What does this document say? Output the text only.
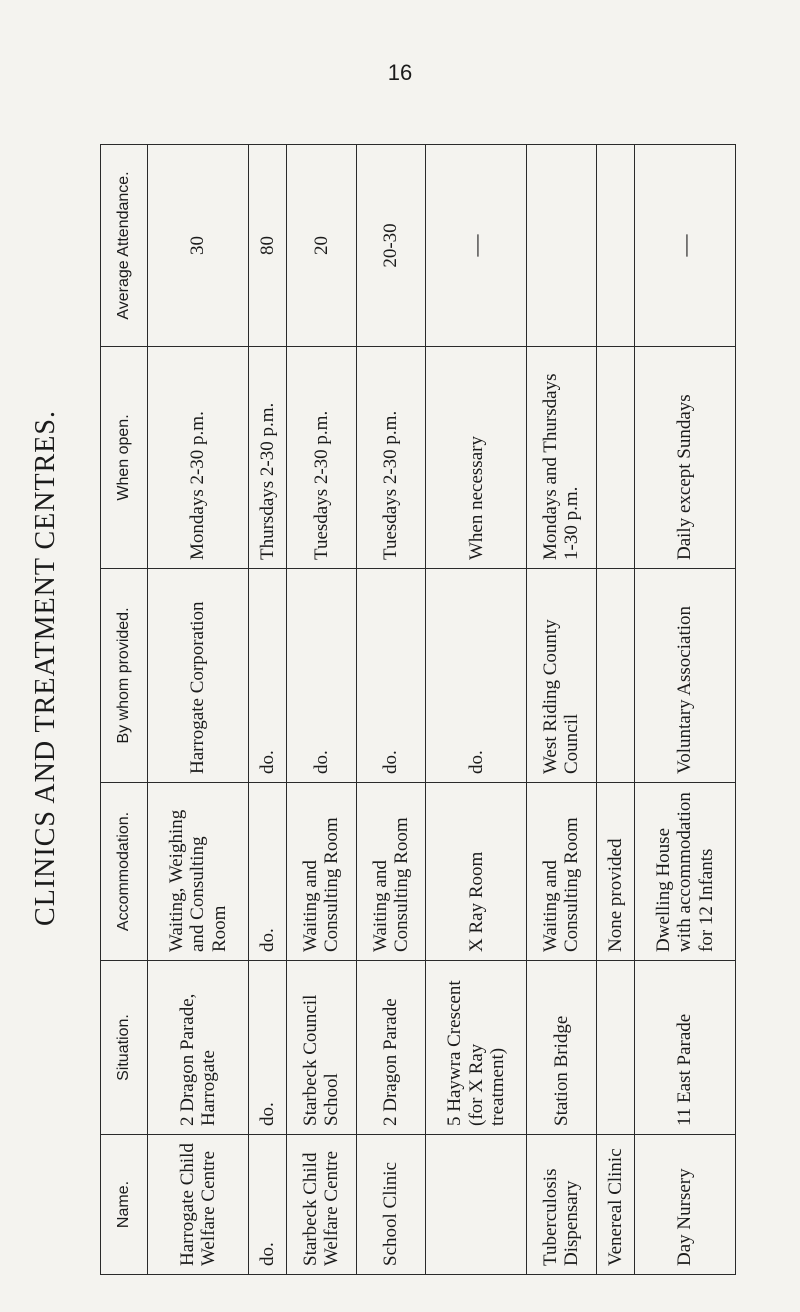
16
CLINICS AND TREATMENT CENTRES.
Name.	Situation.	Accommodation.	By whom provided.	When open.	Average Attendance.
Harrogate Child Welfare Centre	2 Dragon Parade, Harrogate	Waiting, Weighing and Consulting Room	Harrogate Corporation	Mondays 2-30 p.m.	30
do.	do.	do.	do.	Thursdays 2-30 p.m.	80
Starbeck Child Welfare Centre	Starbeck Council School	Waiting and Consulting Room	do.	Tuesdays 2-30 p.m.	20
School Clinic	2 Dragon Parade	Waiting and Consulting Room	do.	Tuesdays 2-30 p.m.	20-30
	5 Haywra Crescent (for X Ray treatment)	X Ray Room	do.	When necessary	—
Tuberculosis Dispensary	Station Bridge	Waiting and Consulting Room	West Riding County Council	Mondays and Thursdays 1-30 p.m.	
Venereal Clinic		None provided			
Day Nursery	11 East Parade	Dwelling House with accommodation for 12 Infants	Voluntary Association	Daily except Sundays	—
